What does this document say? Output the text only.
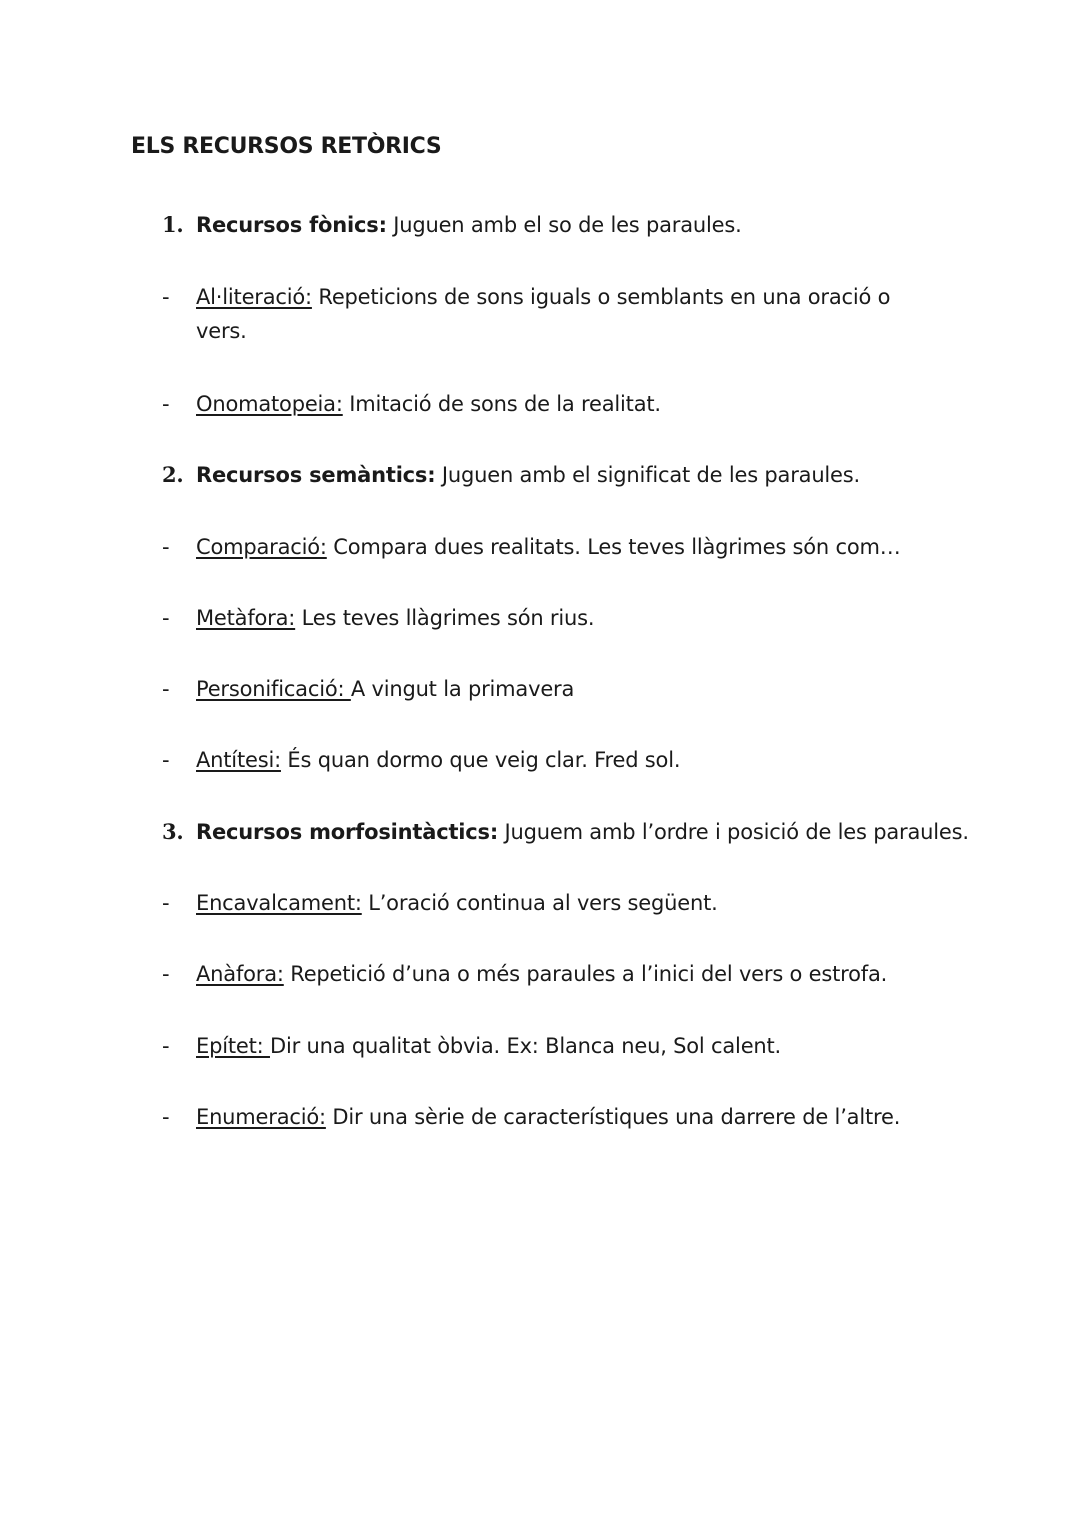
ELS RECURSOS RETÒRICS
1. Recursos fònics: Juguen amb el so de les paraules.
- Al·literació: Repeticions de sons iguals o semblants en una oració o vers.
- Onomatopeia: Imitació de sons de la realitat.
2. Recursos semàntics: Juguen amb el significat de les paraules.
- Comparació: Compara dues realitats. Les teves llàgrimes són com…
- Metàfora: Les teves llàgrimes són rius.
- Personificació: A vingut la primavera
- Antítesi: És quan dormo que veig clar. Fred sol.
3. Recursos morfosintàctics: Juguem amb l’ordre i posició de les paraules.
- Encavalcament: L’oració continua al vers següent.
- Anàfora: Repetició d’una o més paraules a l’inici del vers o estrofa.
- Epítet: Dir una qualitat òbvia. Ex: Blanca neu, Sol calent.
- Enumeració: Dir una sèrie de característiques una darrere de l’altre.
